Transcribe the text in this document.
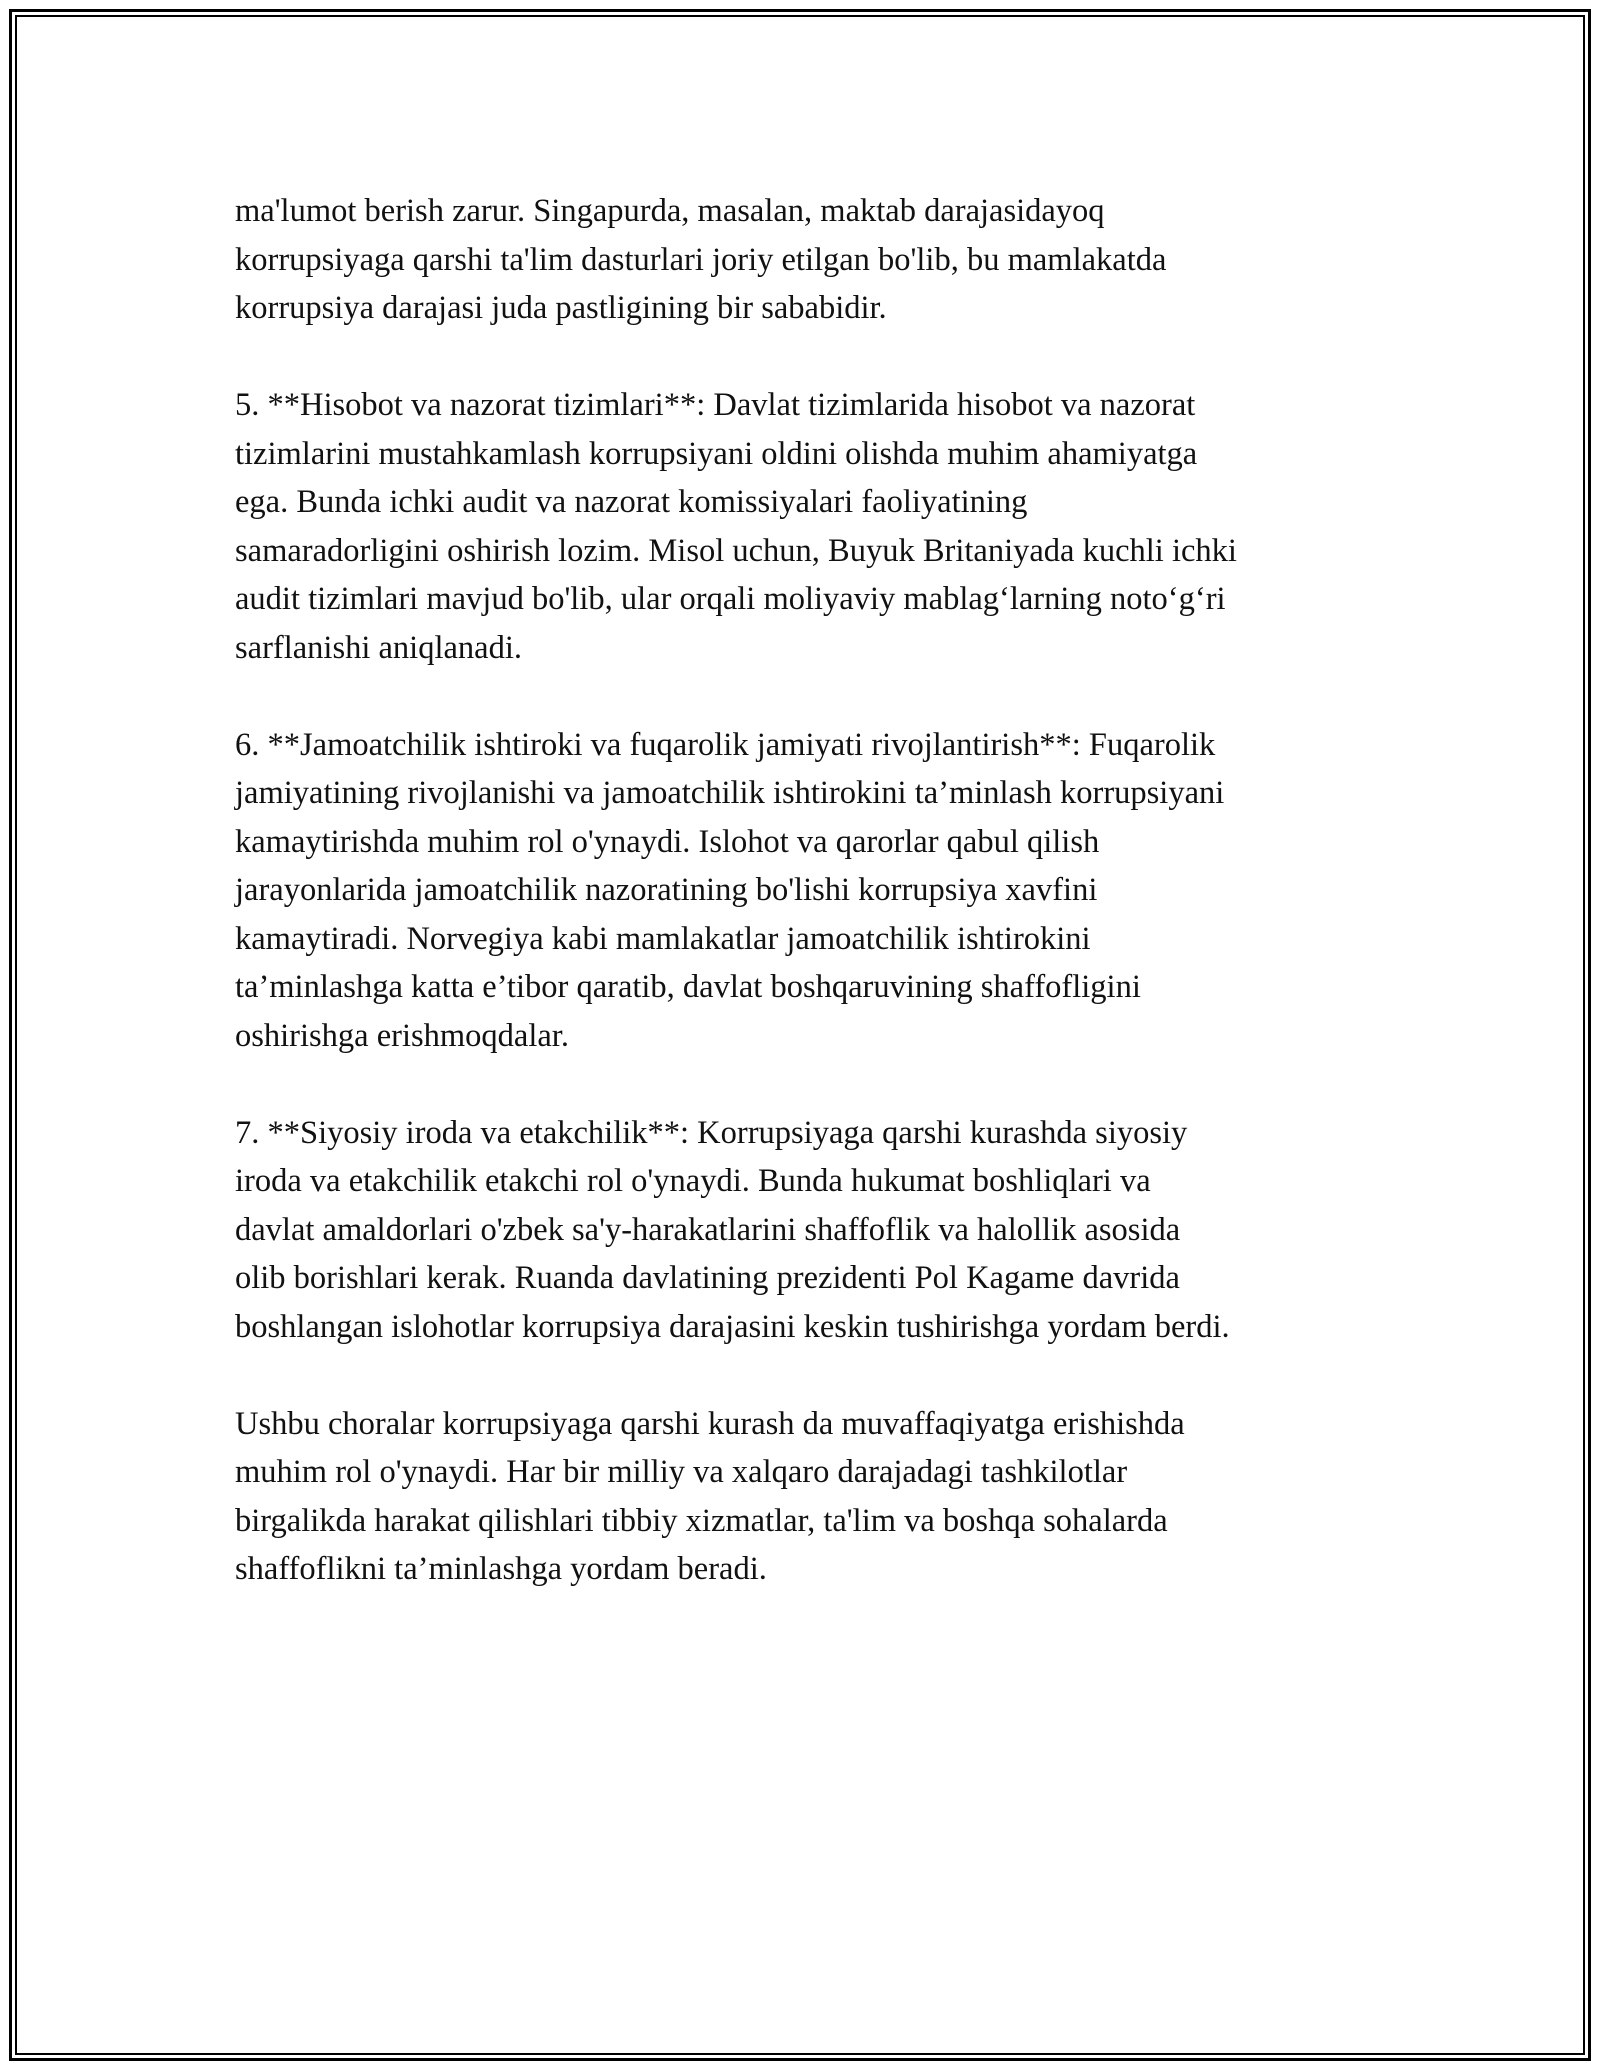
ma'lumot berish zarur. Singapurda, masalan, maktab darajasidayoq
korrupsiyaga qarshi ta'lim dasturlari joriy etilgan bo'lib, bu mamlakatda
korrupsiya darajasi juda pastligining bir sababidir.

5. **Hisobot va nazorat tizimlari**: Davlat tizimlarida hisobot va nazorat
tizimlarini mustahkamlash korrupsiyani oldini olishda muhim ahamiyatga
ega. Bunda ichki audit va nazorat komissiyalari faoliyatining
samaradorligini oshirish lozim. Misol uchun, Buyuk Britaniyada kuchli ichki
audit tizimlari mavjud bo'lib, ular orqali moliyaviy mablag‘larning noto‘g‘ri
sarflanishi aniqlanadi.

6. **Jamoatchilik ishtiroki va fuqarolik jamiyati rivojlantirish**: Fuqarolik
jamiyatining rivojlanishi va jamoatchilik ishtirokini ta’minlash korrupsiyani
kamaytirishda muhim rol o'ynaydi. Islohot va qarorlar qabul qilish
jarayonlarida jamoatchilik nazoratining bo'lishi korrupsiya xavfini
kamaytiradi. Norvegiya kabi mamlakatlar jamoatchilik ishtirokini
ta’minlashga katta e’tibor qaratib, davlat boshqaruvining shaffofligini
oshirishga erishmoqdalar.

7. **Siyosiy iroda va etakchilik**: Korrupsiyaga qarshi kurashda siyosiy
iroda va etakchilik etakchi rol o'ynaydi. Bunda hukumat boshliqlari va
davlat amaldorlari o'zbek sa'y-harakatlarini shaffoflik va halollik asosida
olib borishlari kerak. Ruanda davlatining prezidenti Pol Kagame davrida
boshlangan islohotlar korrupsiya darajasini keskin tushirishga yordam berdi.

Ushbu choralar korrupsiyaga qarshi kurash da muvaffaqiyatga erishishda
muhim rol o'ynaydi. Har bir milliy va xalqaro darajadagi tashkilotlar
birgalikda harakat qilishlari tibbiy xizmatlar, ta'lim va boshqa sohalarda
shaffoflikni ta’minlashga yordam beradi.
